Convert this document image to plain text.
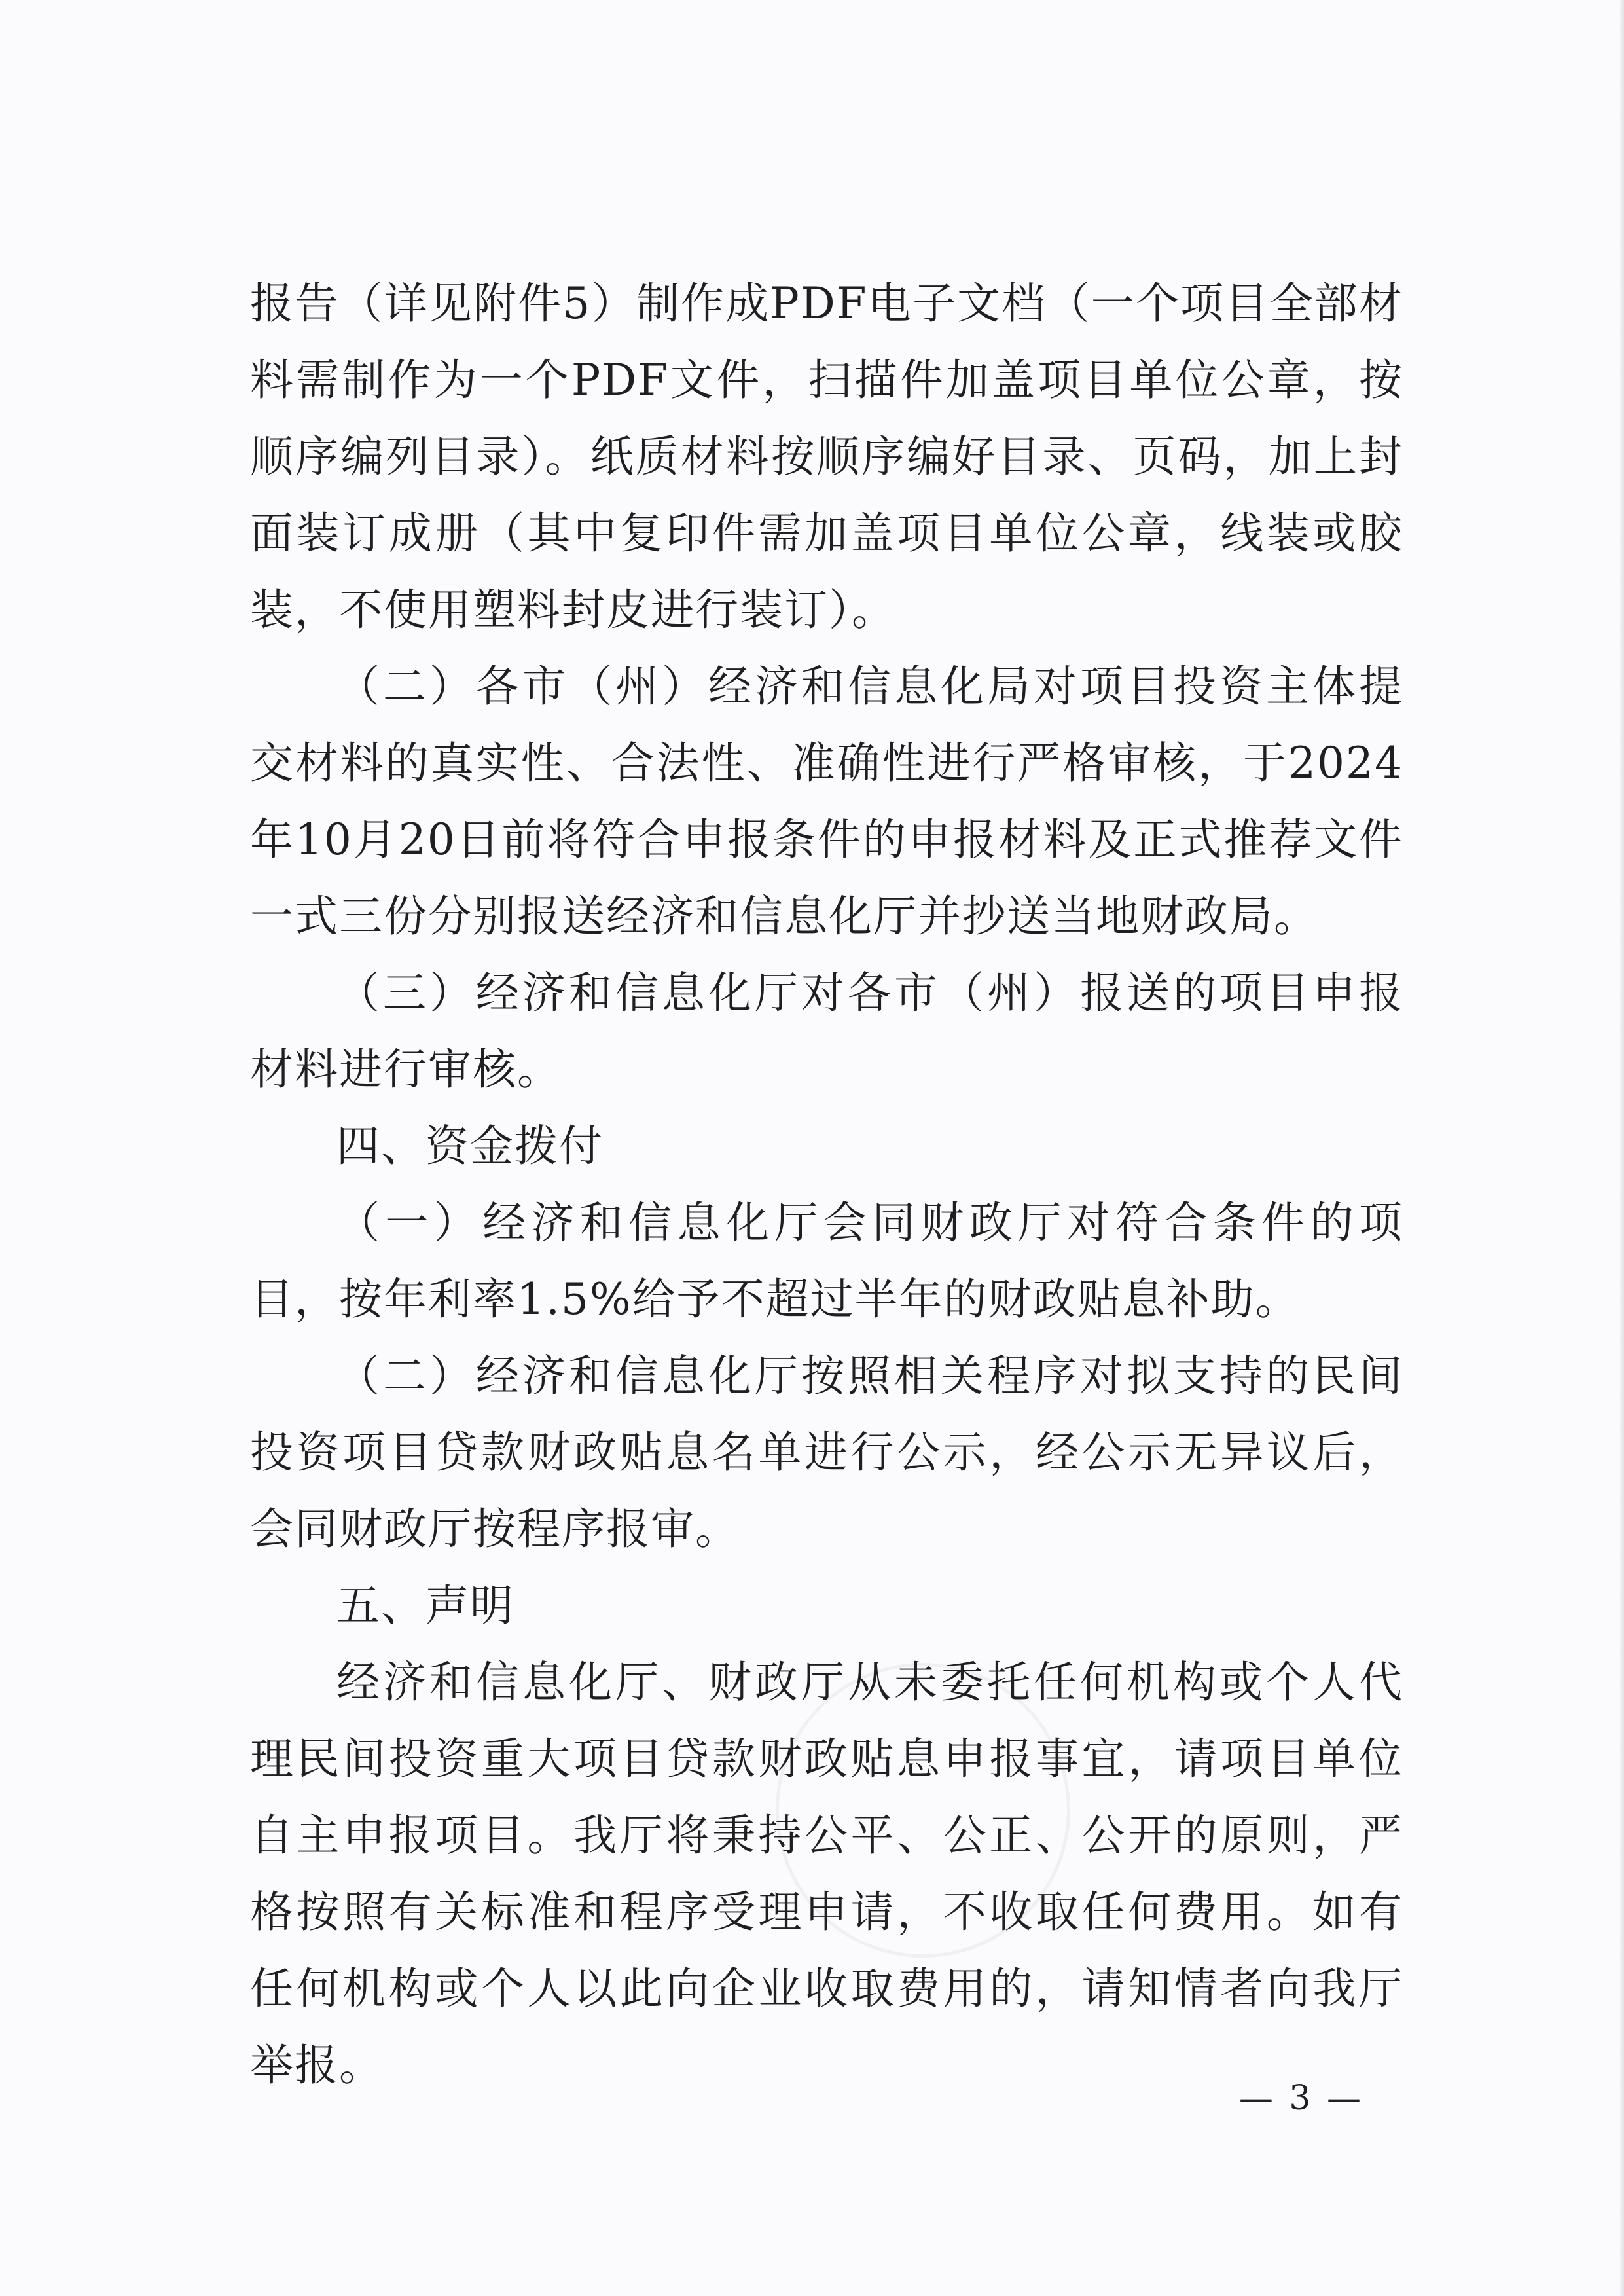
报告（详见附件5）制作成PDF电子文档（一个项目全部材料需制作为一个PDF文件，扫描件加盖项目单位公章，按顺序编列目录）。纸质材料按顺序编好目录、页码，加上封面装订成册（其中复印件需加盖项目单位公章，线装或胶装，不使用塑料封皮进行装订）。

（二）各市（州）经济和信息化局对项目投资主体提交材料的真实性、合法性、准确性进行严格审核，于2024年10月20日前将符合申报条件的申报材料及正式推荐文件一式三份分别报送经济和信息化厅并抄送当地财政局。

（三）经济和信息化厅对各市（州）报送的项目申报材料进行审核。

四、资金拨付

（一）经济和信息化厅会同财政厅对符合条件的项目，按年利率1.5%给予不超过半年的财政贴息补助。

（二）经济和信息化厅按照相关程序对拟支持的民间投资项目贷款财政贴息名单进行公示，经公示无异议后，会同财政厅按程序报审。

五、声明

经济和信息化厅、财政厅从未委托任何机构或个人代理民间投资重大项目贷款财政贴息申报事宜，请项目单位自主申报项目。我厅将秉持公平、公正、公开的原则，严格按照有关标准和程序受理申请，不收取任何费用。如有任何机构或个人以此向企业收取费用的，请知情者向我厅举报。

— 3 —
